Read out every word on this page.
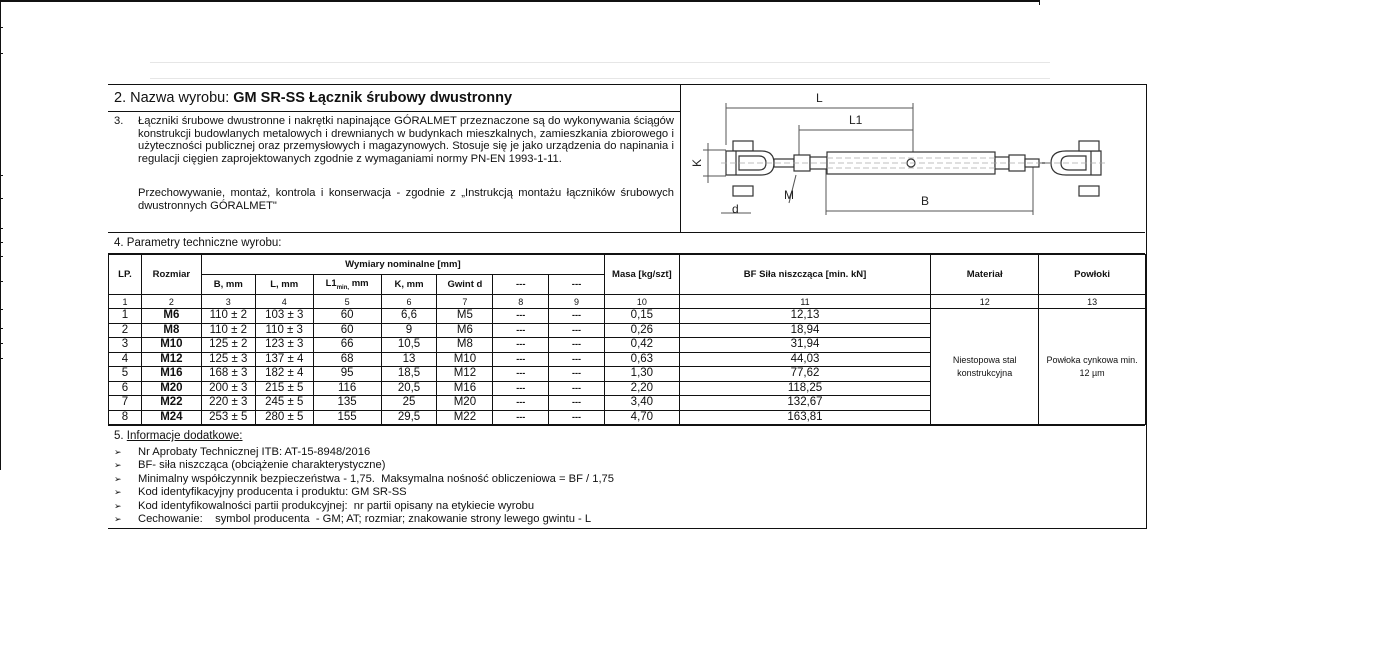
2. Nazwa wyrobu: GM SR-SS Łącznik śrubowy dwustronny
3. Łączniki śrubowe dwustronne i nakrętki napinające GÓRALMET przeznaczone są do wykonywania ściągów konstrukcji budowlanych metalowych i drewnianych w budynkach mieszkalnych, zamieszkania zbiorowego i użyteczności publicznej oraz przemysłowych i magazynowych. Stosuje się je jako urządzenia do napinania i regulacji cięgien zaprojektowanych zgodnie z wymaganiami normy PN-EN 1993-1-11.
Przechowywanie, montaż, kontrola i konserwacja - zgodnie z „Instrukcją montażu łączników śrubowych dwustronnych GÓRALMET"
L
L1
K
M
d
B
4. Parametry techniczne wyrobu:
LP.	Rozmiar	Wymiary nominalne [mm]							Masa [kg/szt]	BF Siła niszcząca [min. kN]	Materiał	Powłoki
		B, mm	L, mm	$L1_{min,}$ mm	K, mm	Gwint d	---	---				
1	2	3	4	5	6	7	8	9	10	11	12	13
1	M6	110 ± 2	103 ± 3	60	6,6	M5	---	---	0,15	12,13	Niestopowa stal konstrukcyjna	Powłoka cynkowa min. 12 µm
2	M8	110 ± 2	110 ± 3	60	9	M6	---	---	0,26	18,94		
3	M10	125 ± 2	123 ± 3	66	10,5	M8	---	---	0,42	31,94		
4	M12	125 ± 3	137 ± 4	68	13	M10	---	---	0,63	44,03		
5	M16	168 ± 3	182 ± 4	95	18,5	M12	---	---	1,30	77,62		
6	M20	200 ± 3	215 ± 5	116	20,5	M16	---	---	2,20	118,25		
7	M22	220 ± 3	245 ± 5	135	25	M20	---	---	3,40	132,67		
8	M24	253 ± 5	280 ± 5	155	29,5	M22	---	---	4,70	163,81		
5. Informacje dodatkowe:
➢ Nr Aprobaty Technicznej ITB: AT-15-8948/2016
➢ BF- siła niszcząca (obciążenie charakterystyczne)
➢ Minimalny współczynnik bezpieczeństwa - 1,75.  Maksymalna nośność obliczeniowa = BF / 1,75
➢ Kod identyfikacyjny producenta i produktu: GM SR-SS
➢ Kod identyfikowalności partii produkcyjnej:  nr partii opisany na etykiecie wyrobu
➢ Cechowanie:    symbol producenta  - GM; AT; rozmiar; znakowanie strony lewego gwintu - L
